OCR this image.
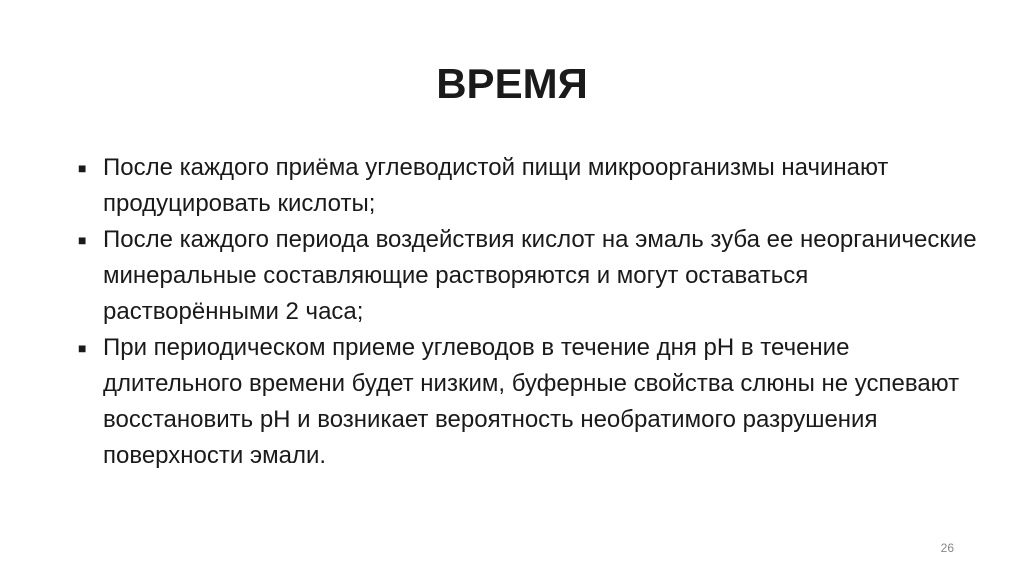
ВРЕМЯ
■ После каждого приёма углеводистой пищи микроорганизмы начинают продуцировать кислоты;
■ После каждого периода воздействия кислот на эмаль зуба ее неорганические минеральные составляющие растворяются и могут оставаться растворёнными 2 часа;
■ При периодическом приеме углеводов в течение дня pH в течение длительного времени будет низким, буферные свойства слюны не успевают восстановить pH и возникает вероятность необратимого разрушения поверхности эмали.
26
